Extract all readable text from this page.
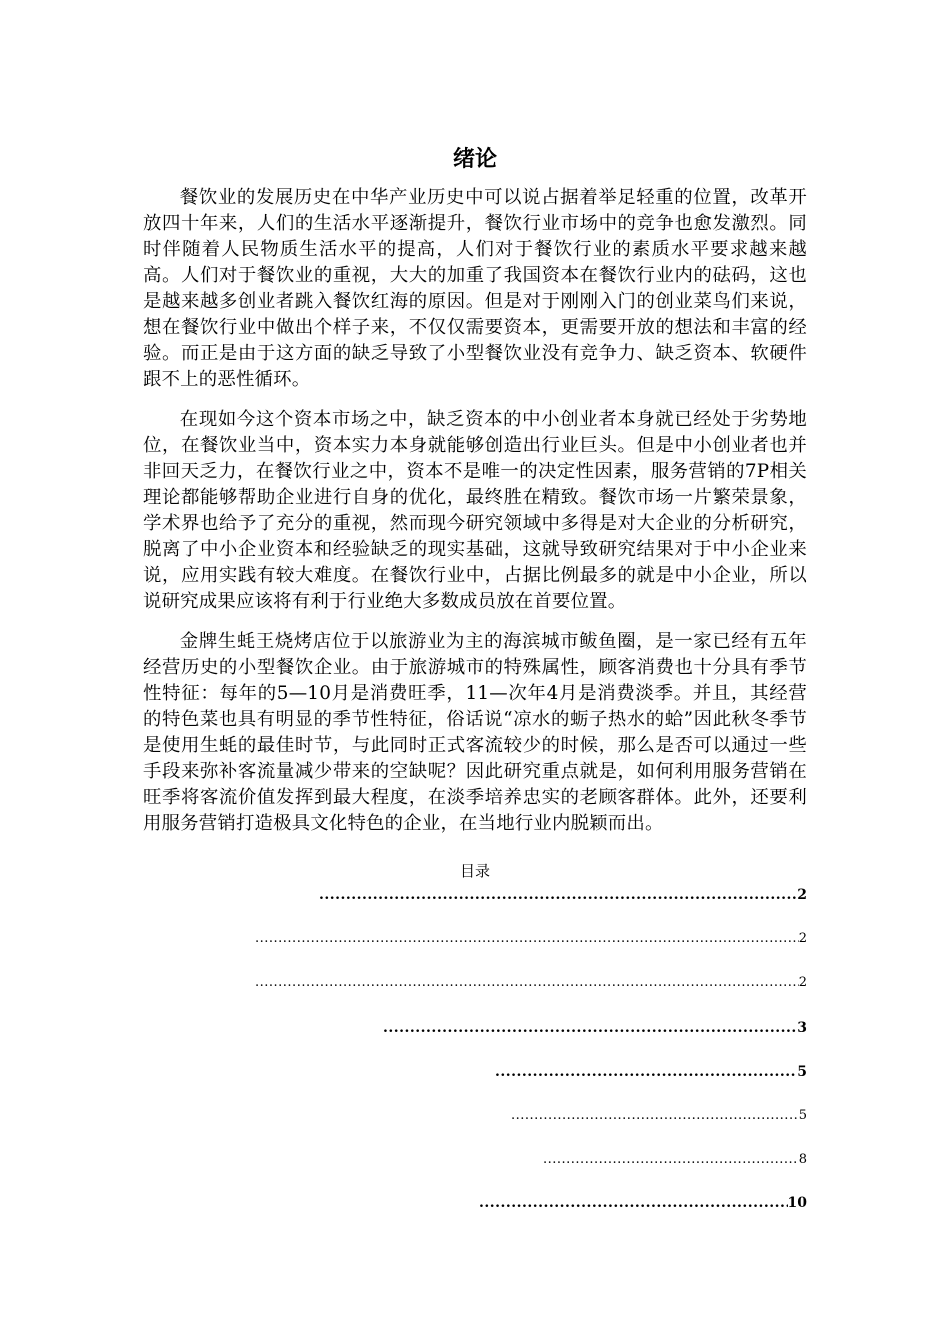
绪论

餐饮业的发展历史在中华产业历史中可以说占据着举足轻重的位置，改革开放四十年来，人们的生活水平逐渐提升，餐饮行业市场中的竞争也愈发激烈。同时伴随着人民物质生活水平的提高，人们对于餐饮行业的素质水平要求越来越高。人们对于餐饮业的重视，大大的加重了我国资本在餐饮行业内的砝码，这也是越来越多创业者跳入餐饮红海的原因。但是对于刚刚入门的创业菜鸟们来说，想在餐饮行业中做出个样子来，不仅仅需要资本，更需要开放的想法和丰富的经验。而正是由于这方面的缺乏导致了小型餐饮业没有竞争力、缺乏资本、软硬件跟不上的恶性循环。

在现如今这个资本市场之中，缺乏资本的中小创业者本身就已经处于劣势地位，在餐饮业当中，资本实力本身就能够创造出行业巨头。但是中小创业者也并非回天乏力，在餐饮行业之中，资本不是唯一的决定性因素，服务营销的7P相关理论都能够帮助企业进行自身的优化，最终胜在精致。餐饮市场一片繁荣景象，学术界也给予了充分的重视，然而现今研究领域中多得是对大企业的分析研究，脱离了中小企业资本和经验缺乏的现实基础，这就导致研究结果对于中小企业来说，应用实践有较大难度。在餐饮行业中，占据比例最多的就是中小企业，所以说研究成果应该将有利于行业绝大多数成员放在首要位置。

金牌生蚝王烧烤店位于以旅游业为主的海滨城市鲅鱼圈，是一家已经有五年经营历史的小型餐饮企业。由于旅游城市的特殊属性，顾客消费也十分具有季节性特征：每年的5—10月是消费旺季，11—次年4月是消费淡季。并且，其经营的特色菜也具有明显的季节性特征，俗话说“凉水的蛎子热水的蛤”因此秋冬季节是使用生蚝的最佳时节，与此同时正式客流较少的时候，那么是否可以通过一些手段来弥补客流量减少带来的空缺呢？因此研究重点就是，如何利用服务营销在旺季将客流价值发挥到最大程度，在淡季培养忠实的老顾客群体。此外，还要利用服务营销打造极具文化特色的企业，在当地行业内脱颖而出。

目录
.....
2
.....
2
.....
2
.....
3
.....
5
.....
5
.....
8
.....
10
